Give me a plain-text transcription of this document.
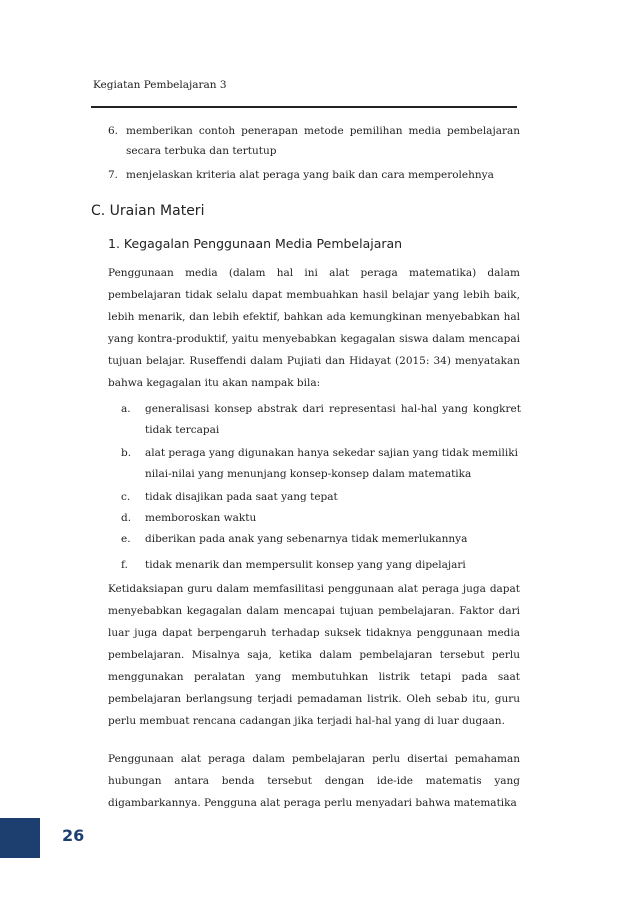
Kegiatan Pembelajaran 3
6. memberikan contoh penerapan metode pemilihan media pembelajaran secara terbuka dan tertutup
7. menjelaskan kriteria alat peraga yang baik dan cara memperolehnya
C. Uraian Materi
1. Kegagalan Penggunaan Media Pembelajaran
Penggunaan media (dalam hal ini alat peraga matematika) dalam pembelajaran tidak selalu dapat membuahkan hasil belajar yang lebih baik, lebih menarik, dan lebih efektif, bahkan ada kemungkinan menyebabkan hal yang kontra-produktif, yaitu menyebabkan kegagalan siswa dalam mencapai tujuan belajar. Ruseffendi dalam Pujiati dan Hidayat (2015: 34) menyatakan bahwa kegagalan itu akan nampak bila:
a. generalisasi konsep abstrak dari representasi hal-hal yang kongkret tidak tercapai
b. alat peraga yang digunakan hanya sekedar sajian yang tidak memiliki nilai-nilai yang menunjang konsep-konsep dalam matematika
c. tidak disajikan pada saat yang tepat
d. memboroskan waktu
e. diberikan pada anak yang sebenarnya tidak memerlukannya
f. tidak menarik dan mempersulit konsep yang yang dipelajari
Ketidaksiapan guru dalam memfasilitasi penggunaan alat peraga juga dapat menyebabkan kegagalan dalam mencapai tujuan pembelajaran. Faktor dari luar juga dapat berpengaruh terhadap suksek tidaknya penggunaan media pembelajaran. Misalnya saja, ketika dalam pembelajaran tersebut perlu menggunakan peralatan yang membutuhkan listrik tetapi pada saat pembelajaran berlangsung terjadi pemadaman listrik. Oleh sebab itu, guru perlu membuat rencana cadangan jika terjadi hal-hal yang di luar dugaan.
Penggunaan alat peraga dalam pembelajaran perlu disertai pemahaman hubungan antara benda tersebut dengan ide-ide matematis yang digambarkannya. Pengguna alat peraga perlu menyadari bahwa matematika
26
